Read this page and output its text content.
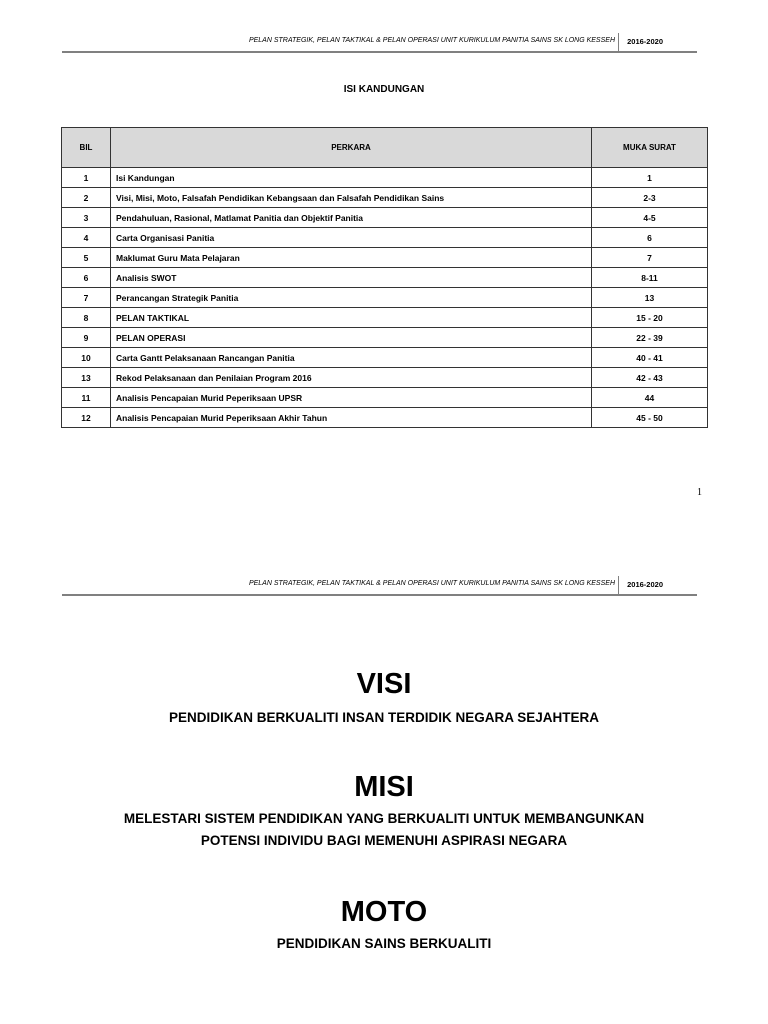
PELAN STRATEGIK, PELAN TAKTIKAL & PELAN OPERASI UNIT KURIKULUM PANITIA SAINS SK LONG KESSEH 2016-2020
ISI KANDUNGAN
BIL	PERKARA	MUKA SURAT
1	Isi Kandungan	1
2	Visi, Misi, Moto, Falsafah Pendidikan Kebangsaan dan Falsafah Pendidikan Sains	2-3
3	Pendahuluan, Rasional, Matlamat Panitia dan Objektif Panitia	4-5
4	Carta Organisasi Panitia	6
5	Maklumat Guru Mata Pelajaran	7
6	Analisis SWOT	8-11
7	Perancangan Strategik Panitia	13
8	PELAN TAKTIKAL	15 - 20
9	PELAN OPERASI	22 - 39
10	Carta Gantt Pelaksanaan Rancangan Panitia	40 - 41
13	Rekod Pelaksanaan dan Penilaian Program 2016	42 - 43
11	Analisis Pencapaian Murid Peperiksaan UPSR	44
12	Analisis Pencapaian Murid Peperiksaan Akhir Tahun	45 - 50
1
PELAN STRATEGIK, PELAN TAKTIKAL & PELAN OPERASI UNIT KURIKULUM PANITIA SAINS SK LONG KESSEH 2016-2020
VISI
PENDIDIKAN BERKUALITI INSAN TERDIDIK NEGARA SEJAHTERA
MISI
MELESTARI SISTEM PENDIDIKAN YANG BERKUALITI UNTUK MEMBANGUNKAN
POTENSI INDIVIDU BAGI MEMENUHI ASPIRASI NEGARA
MOTO
PENDIDIKAN SAINS BERKUALITI
